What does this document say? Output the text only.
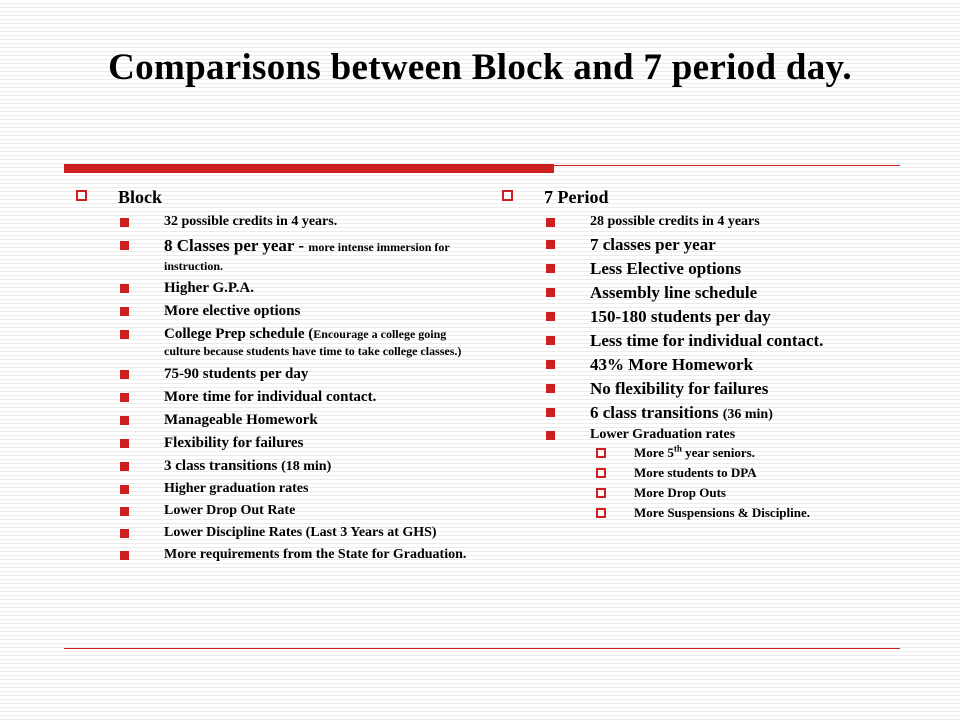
Comparisons between Block and 7 period day.
Block
32 possible credits in 4 years.
8 Classes per year - more intense immersion for instruction.
Higher G.P.A.
More elective options
College Prep schedule (Encourage a college going culture because students have time to take college classes.)
75-90 students per day
More time for individual contact.
Manageable Homework
Flexibility for failures
3 class transitions (18 min)
Higher graduation rates
Lower Drop Out Rate
Lower Discipline Rates (Last 3 Years at GHS)
More requirements from the State for Graduation.
7 Period
28 possible credits in 4 years
7 classes per year
Less Elective options
Assembly line schedule
150-180 students per day
Less time for individual contact.
43% More Homework
No flexibility for failures
6 class transitions (36 min)
Lower Graduation rates
More 5th year seniors.
More students to DPA
More Drop Outs
More Suspensions & Discipline.
